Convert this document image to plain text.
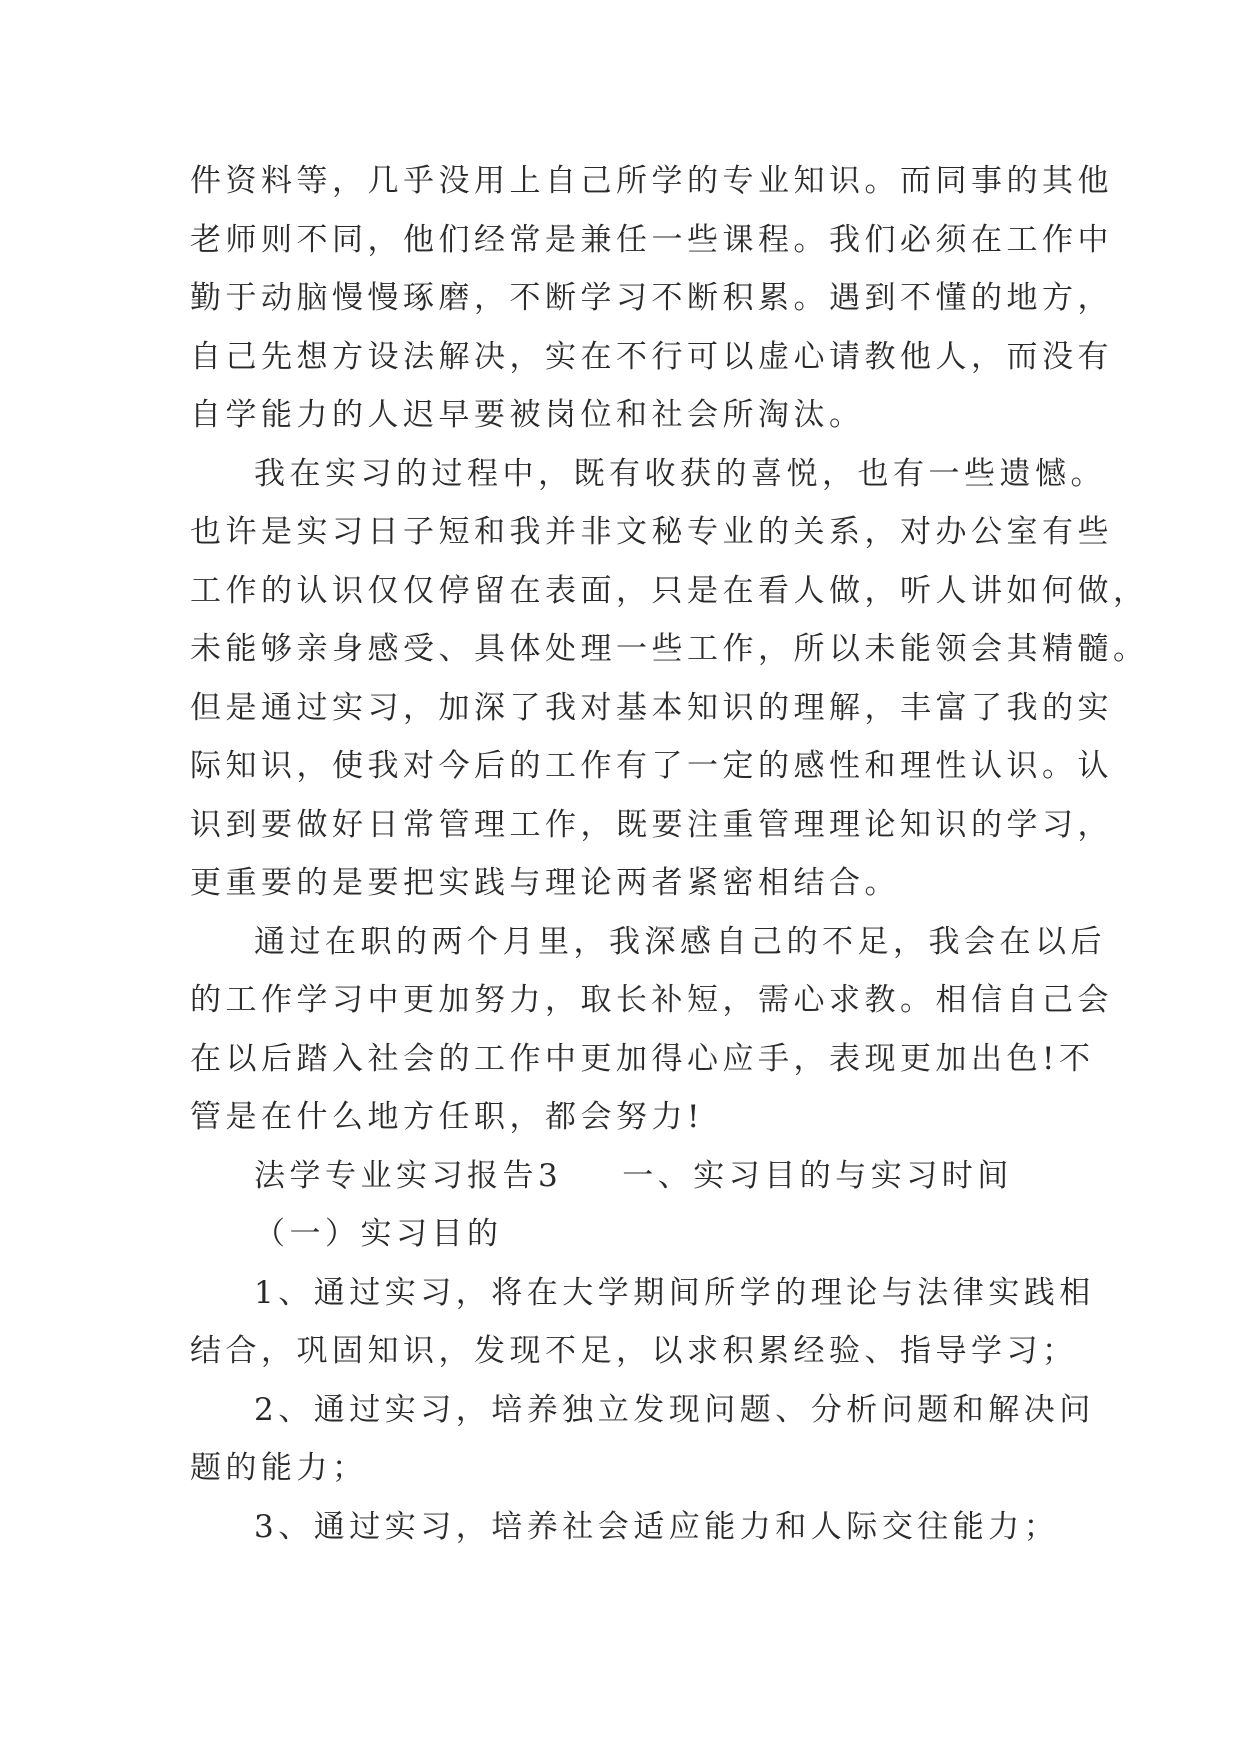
件资料等，几乎没用上自己所学的专业知识。而同事的其他
老师则不同，他们经常是兼任一些课程。我们必须在工作中
勤于动脑慢慢琢磨，不断学习不断积累。遇到不懂的地方，
自己先想方设法解决，实在不行可以虚心请教他人，而没有
自学能力的人迟早要被岗位和社会所淘汰。
我在实习的过程中，既有收获的喜悦，也有一些遗憾。
也许是实习日子短和我并非文秘专业的关系，对办公室有些
工作的认识仅仅停留在表面，只是在看人做，听人讲如何做，
未能够亲身感受、具体处理一些工作，所以未能领会其精髓。
但是通过实习，加深了我对基本知识的理解，丰富了我的实
际知识，使我对今后的工作有了一定的感性和理性认识。认
识到要做好日常管理工作，既要注重管理理论知识的学习，
更重要的是要把实践与理论两者紧密相结合。
通过在职的两个月里，我深感自己的不足，我会在以后
的工作学习中更加努力，取长补短，需心求教。相信自己会
在以后踏入社会的工作中更加得心应手，表现更加出色!不
管是在什么地方任职，都会努力!
法学专业实习报告3 一、实习目的与实习时间
（一）实习目的
1、通过实习，将在大学期间所学的理论与法律实践相
结合，巩固知识，发现不足，以求积累经验、指导学习；
2、通过实习，培养独立发现问题、分析问题和解决问
题的能力；
3、通过实习，培养社会适应能力和人际交往能力；
